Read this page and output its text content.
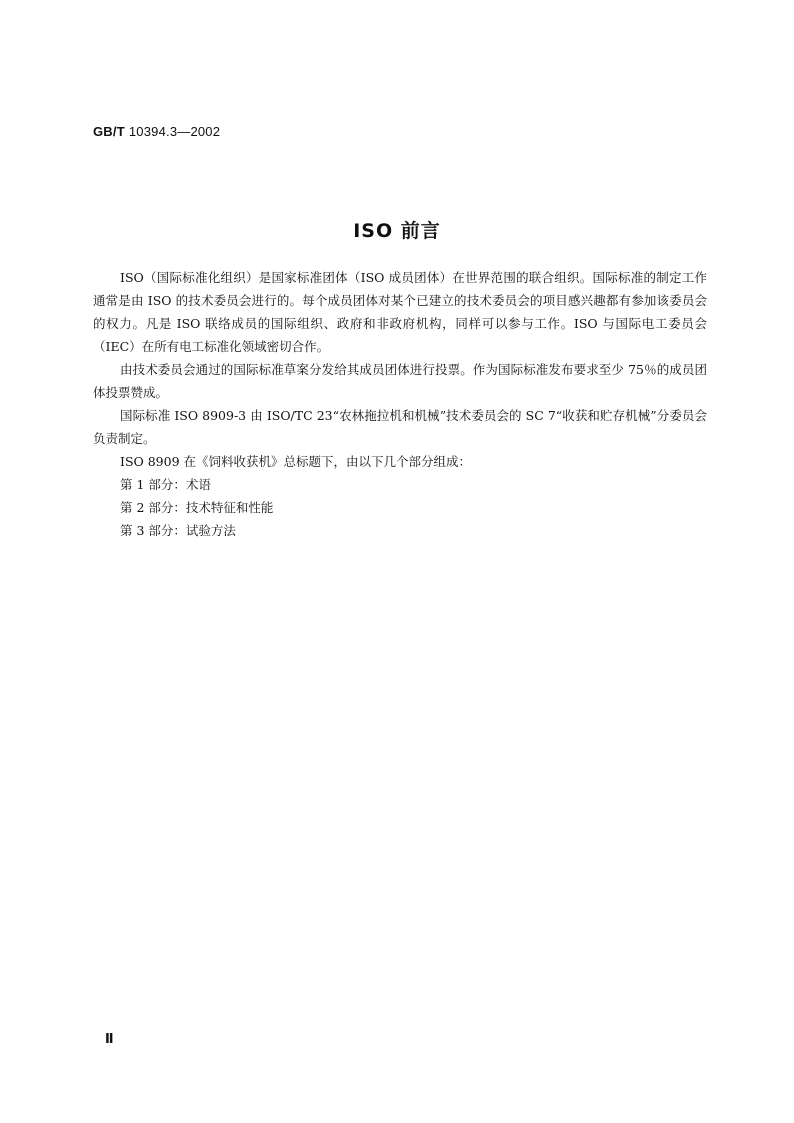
GB/T 10394.3—2002
ISO 前言

ISO（国际标准化组织）是国家标准团体（ISO 成员团体）在世界范围的联合组织。国际标准的制定工作通常是由 ISO 的技术委员会进行的。每个成员团体对某个已建立的技术委员会的项目感兴趣都有参加该委员会的权力。凡是 ISO 联络成员的国际组织、政府和非政府机构，同样可以参与工作。ISO 与国际电工委员会（IEC）在所有电工标准化领域密切合作。

由技术委员会通过的国际标准草案分发给其成员团体进行投票。作为国际标准发布要求至少 75％的成员团体投票赞成。

国际标准 ISO 8909-3 由 ISO/TC 23“农林拖拉机和机械”技术委员会的 SC 7“收获和贮存机械”分委员会负责制定。

ISO 8909 在《饲料收获机》总标题下，由以下几个部分组成：

第 1 部分：术语

第 2 部分：技术特征和性能

第 3 部分：试验方法

Ⅱ
